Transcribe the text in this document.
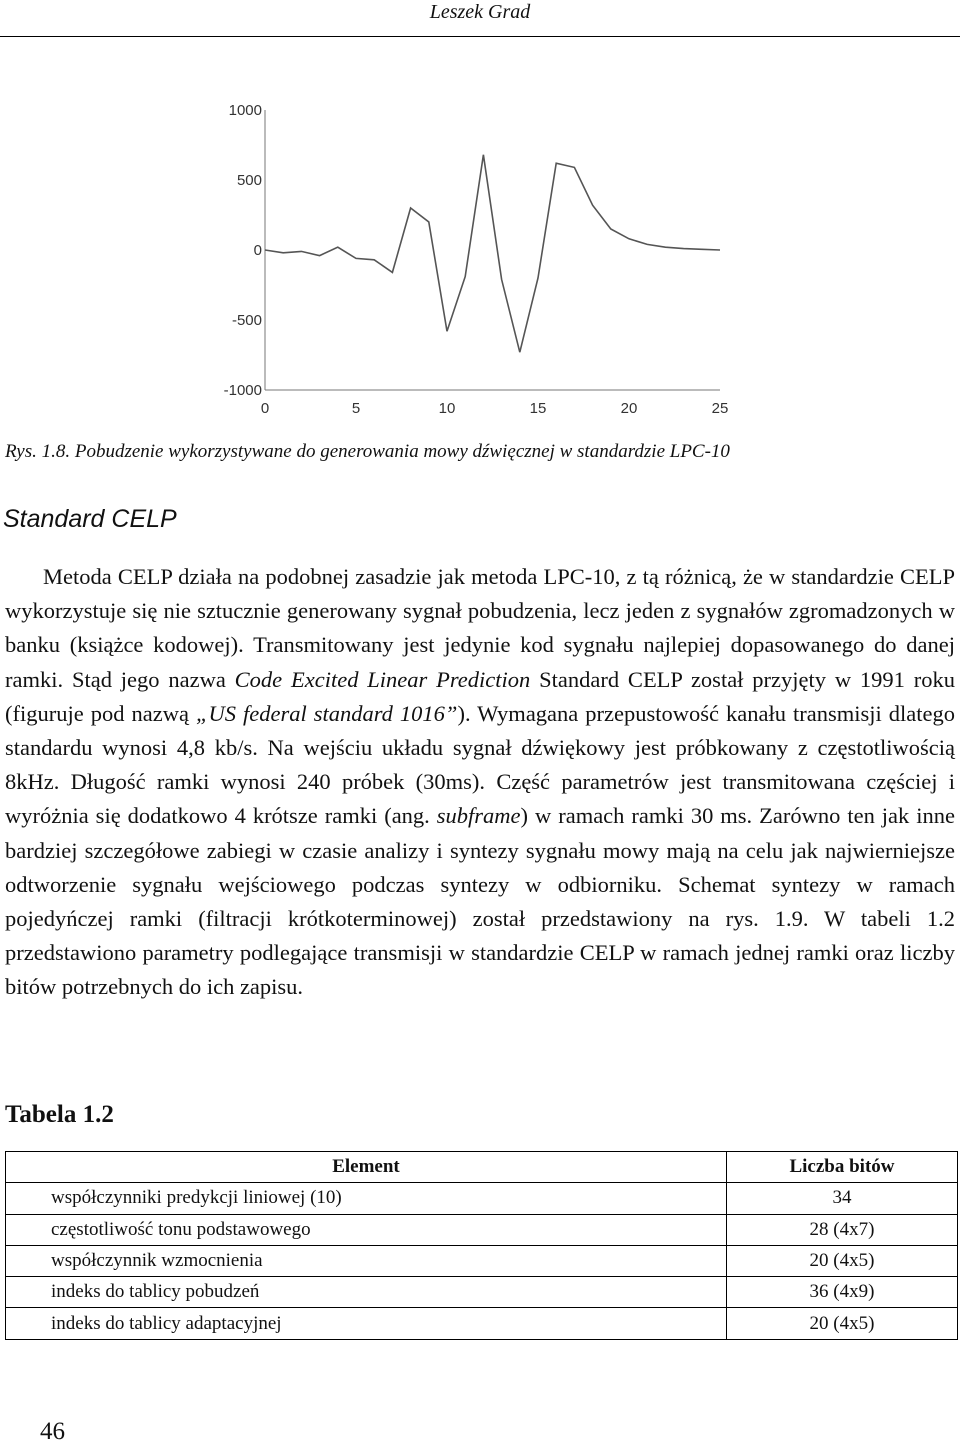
Leszek Grad
1000
500
0
-500
-1000
0	5	10	15	20	25
Rys. 1.8. Pobudzenie wykorzystywane do generowania mowy dźwięcznej w standardzie LPC-10
Standard CELP

Metoda CELP działa na podobnej zasadzie jak metoda LPC-10, z tą różnicą, że w standardzie CELP wykorzystuje się nie sztucznie generowany sygnał pobudzenia, lecz jeden z sygnałów zgromadzonych w banku (książce kodowej). Transmitowany jest jedynie kod sygnału najlepiej dopasowanego do danej ramki. Stąd jego nazwa Code Excited Linear Prediction Standard CELP został przyjęty w 1991 roku (figuruje pod nazwą „US federal standard 1016”). Wymagana przepustowość kanału transmisji dlatego standardu wynosi 4,8 kb/s. Na wejściu układu sygnał dźwiękowy jest próbkowany z częstotliwością 8kHz. Długość ramki wynosi 240 próbek (30ms). Część parametrów jest transmitowana częściej i wyróżnia się dodatkowo 4 krótsze ramki (ang. subframe) w ramach ramki 30 ms. Zarówno ten jak inne bardziej szczegółowe zabiegi w czasie analizy i syntezy sygnału mowy mają na celu jak najwierniejsze odtworzenie sygnału wejściowego podczas syntezy w odbiorniku. Schemat syntezy w ramach pojedyńczej ramki (filtracji krótkoterminowej) został przedstawiony na rys. 1.9. W tabeli 1.2 przedstawiono parametry podlegające transmisji w standardzie CELP w ramach jednej ramki oraz liczby bitów potrzebnych do ich zapisu.

Tabela 1.2
Element	Liczba bitów
współczynniki predykcji liniowej (10)	34
częstotliwość tonu podstawowego	28 (4x7)
współczynnik wzmocnienia	20 (4x5)
indeks do tablicy pobudzeń	36 (4x9)
indeks do tablicy adaptacyjnej	20 (4x5)
46
